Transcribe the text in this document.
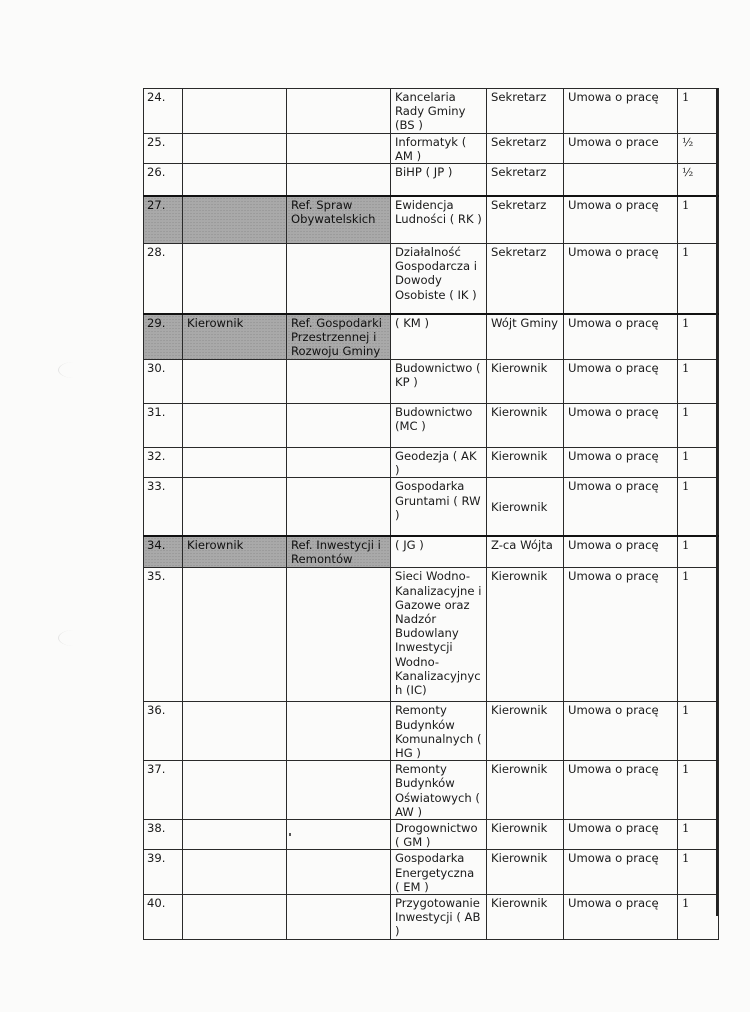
24.			Kancelaria Rady Gminy (BS )	Sekretarz	Umowa o pracę	1
25.			Informatyk ( AM )	Sekretarz	Umowa o prace	½
26.			BiHP ( JP )	Sekretarz		½
27.		Ref. Spraw Obywatelskich	Ewidencja Ludności ( RK )	Sekretarz	Umowa o pracę	1
28.			Działalność Gospodarcza i Dowody Osobiste ( IK )	Sekretarz	Umowa o pracę	1
29.	Kierownik	Ref. Gospodarki Przestrzennej i Rozwoju Gminy	( KM )	Wójt Gminy	Umowa o pracę	1
30.			Budownictwo ( KP )	Kierownik	Umowa o pracę	1
31.			Budownictwo (MC )	Kierownik	Umowa o pracę	1
32.			Geodezja ( AK )	Kierownik	Umowa o pracę	1
33.			Gospodarka Gruntami ( RW )	Kierownik	Umowa o pracę	1
34.	Kierownik	Ref. Inwestycji i Remontów	( JG )	Z-ca Wójta	Umowa o pracę	1
35.			Sieci Wodno-Kanalizacyjne i Gazowe oraz Nadzór Budowlany Inwestycji Wodno-Kanalizacyjnych (IC)	Kierownik	Umowa o pracę	1
36.			Remonty Budynków Komunalnych ( HG )	Kierownik	Umowa o pracę	1
37.			Remonty Budynków Oświatowych ( AW )	Kierownik	Umowa o pracę	1
38.			Drogownictwo ( GM )	Kierownik	Umowa o pracę	1
39.			Gospodarka Energetyczna ( EM )	Kierownik	Umowa o pracę	1
40.			Przygotowanie Inwestycji ( AB )	Kierownik	Umowa o pracę	1
